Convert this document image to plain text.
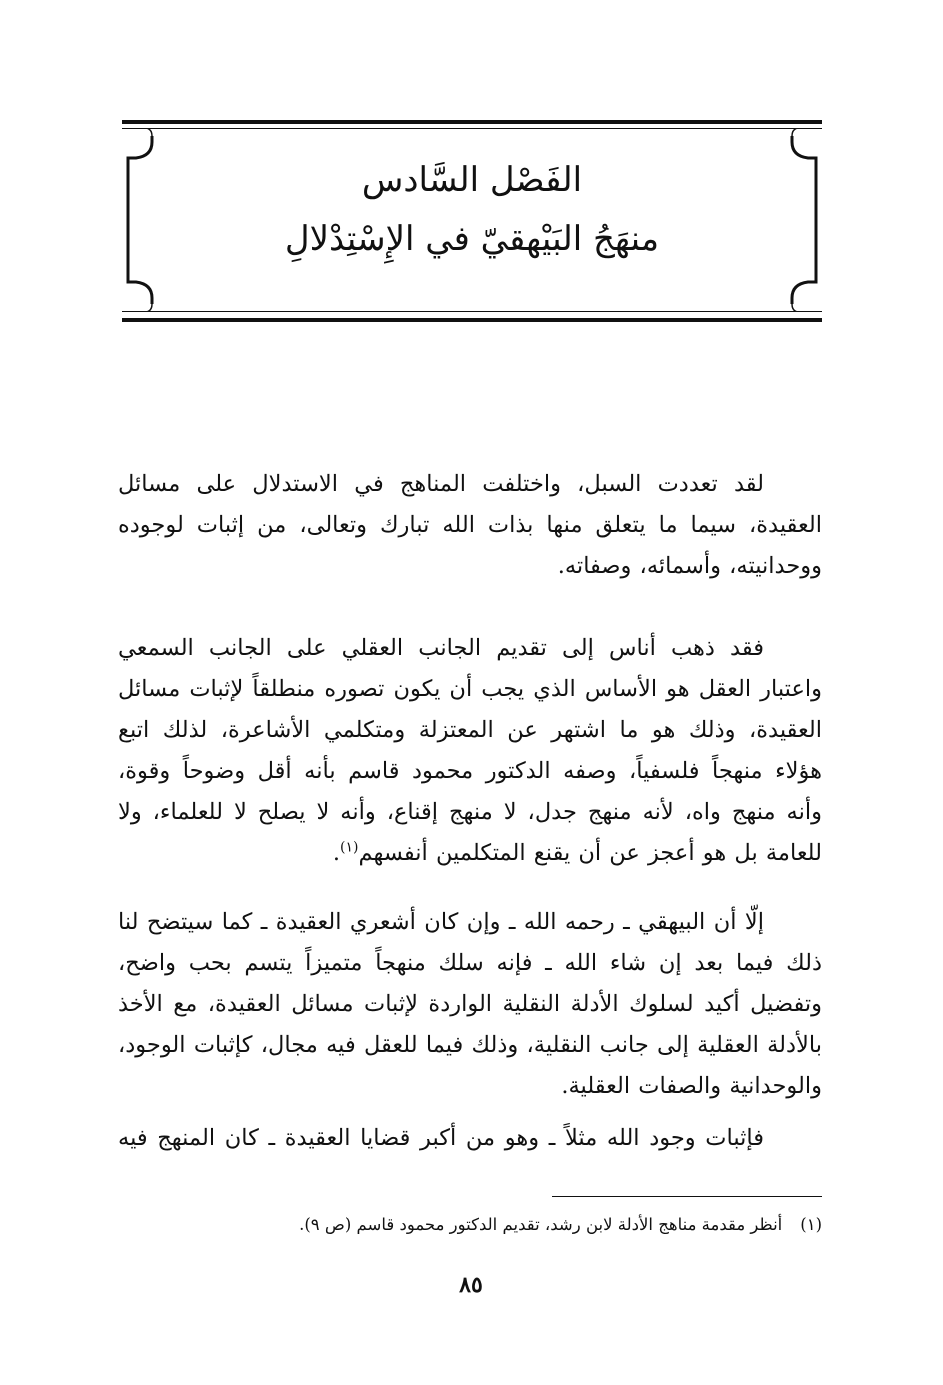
الفَصْل السَّادس
منهَجُ البَيْهقيّ في الإِسْتِدْلالِ

لقد تعددت السبل، واختلفت المناهج في الاستدلال على مسائل العقيدة، سيما ما يتعلق منها بذات الله تبارك وتعالى، من إثبات لوجوده ووحدانيته، وأسمائه، وصفاته.

فقد ذهب أناس إلى تقديم الجانب العقلي على الجانب السمعي واعتبار العقل هو الأساس الذي يجب أن يكون تصوره منطلقاً لإثبات مسائل العقيدة، وذلك هو ما اشتهر عن المعتزلة ومتكلمي الأشاعرة، لذلك اتبع هؤلاء منهجاً فلسفياً، وصفه الدكتور محمود قاسم بأنه أقل وضوحاً وقوة، وأنه منهج واه، لأنه منهج جدل، لا منهج إقناع، وأنه لا يصلح لا للعلماء، ولا للعامة بل هو أعجز عن أن يقنع المتكلمين أنفسهم$^{(١)}$.

إلّا أن البيهقي ـ رحمه الله ـ وإن كان أشعري العقيدة ـ كما سيتضح لنا ذلك فيما بعد إن شاء الله ـ فإنه سلك منهجاً متميزاً يتسم بحب واضح، وتفضيل أكيد لسلوك الأدلة النقلية الواردة لإثبات مسائل العقيدة، مع الأخذ بالأدلة العقلية إلى جانب النقلية، وذلك فيما للعقل فيه مجال، كإثبات الوجود، والوحدانية والصفات العقلية.

فإثبات وجود الله مثلاً ـ وهو من أكبر قضايا العقيدة ـ كان المنهج فيه

(١)أنظر مقدمة مناهج الأدلة لابن رشد، تقديم الدكتور محمود قاسم (ص ٩).
٨٥
